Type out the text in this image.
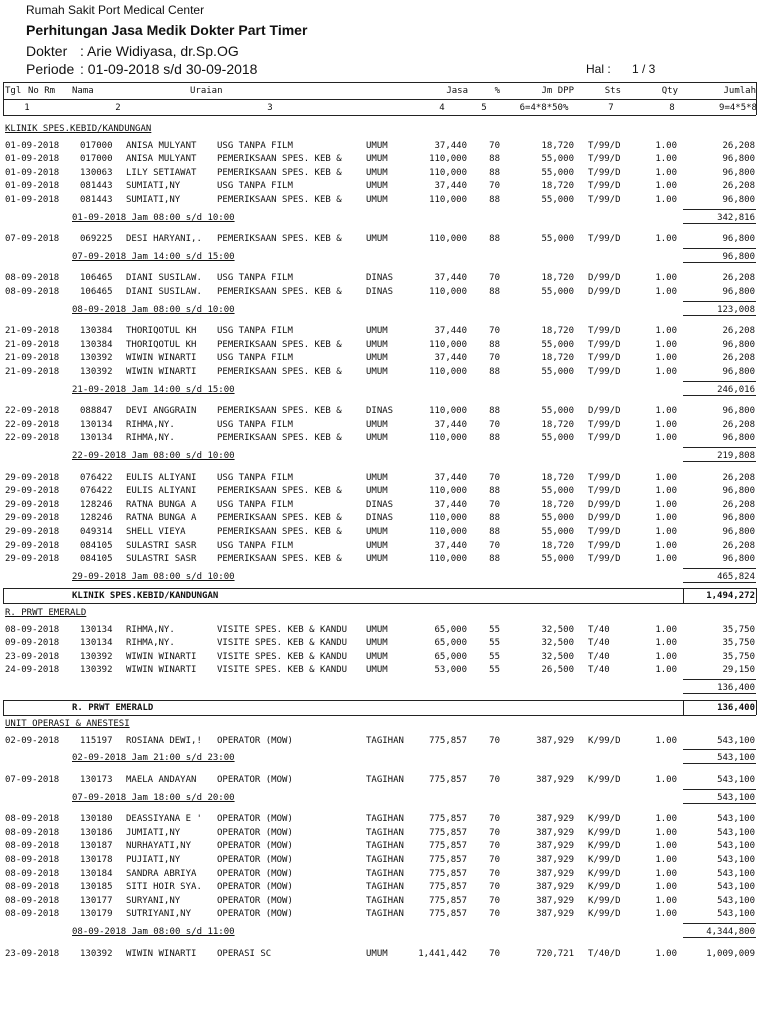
Rumah Sakit Port Medical Center
Perhitungan Jasa Medik Dokter Part Timer
Dokter : Arie Widiyasa, dr.Sp.OG
Periode : 01-09-2018 s/d 30-09-2018	Hal : 1 / 3
Tgl No Rm Nama	Uraian	Jasa	%	Jm DPP	Sts	Qty	Jumlah
1	2	3	4	5	6=4*8*50%	7	8	9=4*5*8
KLINIK SPES.KEBID/KANDUNGAN
01-09-2018	017000	ANISA MULYANT	USG TANPA FILM	UMUM	37,440	70	18,720 T/99/D	1.00	26,208
01-09-2018	017000	ANISA MULYANT	PEMERIKSAAN SPES. KEB &	UMUM	110,000	88	55,000 T/99/D	1.00	96,800
01-09-2018	130063	LILY SETIAWAT	PEMERIKSAAN SPES. KEB &	UMUM	110,000	88	55,000 T/99/D	1.00	96,800
01-09-2018	081443	SUMIATI,NY	USG TANPA FILM	UMUM	37,440	70	18,720 T/99/D	1.00	26,208
01-09-2018	081443	SUMIATI,NY	PEMERIKSAAN SPES. KEB &	UMUM	110,000	88	55,000 T/99/D	1.00	96,800
01-09-2018 Jam 08:00 s/d 10:00	342,816
07-09-2018	069225	DESI HARYANI,.	PEMERIKSAAN SPES. KEB &	UMUM	110,000	88	55,000 T/99/D	1.00	96,800
07-09-2018 Jam 14:00 s/d 15:00	96,800
08-09-2018	106465	DIANI SUSILAW.	USG TANPA FILM	DINAS	37,440	70	18,720 D/99/D	1.00	26,208
08-09-2018	106465	DIANI SUSILAW.	PEMERIKSAAN SPES. KEB &	DINAS	110,000	88	55,000 D/99/D	1.00	96,800
08-09-2018 Jam 08:00 s/d 10:00	123,008
21-09-2018	130384	THORIQOTUL KH	USG TANPA FILM	UMUM	37,440	70	18,720 T/99/D	1.00	26,208
21-09-2018	130384	THORIQOTUL KH	PEMERIKSAAN SPES. KEB &	UMUM	110,000	88	55,000 T/99/D	1.00	96,800
21-09-2018	130392	WIWIN WINARTI	USG TANPA FILM	UMUM	37,440	70	18,720 T/99/D	1.00	26,208
21-09-2018	130392	WIWIN WINARTI	PEMERIKSAAN SPES. KEB &	UMUM	110,000	88	55,000 T/99/D	1.00	96,800
21-09-2018 Jam 14:00 s/d 15:00	246,016
22-09-2018	088847	DEVI ANGGRAIN	PEMERIKSAAN SPES. KEB &	DINAS	110,000	88	55,000 D/99/D	1.00	96,800
22-09-2018	130134	RIHMA,NY.	USG TANPA FILM	UMUM	37,440	70	18,720 T/99/D	1.00	26,208
22-09-2018	130134	RIHMA,NY.	PEMERIKSAAN SPES. KEB &	UMUM	110,000	88	55,000 T/99/D	1.00	96,800
22-09-2018 Jam 08:00 s/d 10:00	219,808
29-09-2018	076422	EULIS ALIYANI	USG TANPA FILM	UMUM	37,440	70	18,720 T/99/D	1.00	26,208
29-09-2018	076422	EULIS ALIYANI	PEMERIKSAAN SPES. KEB &	UMUM	110,000	88	55,000 T/99/D	1.00	96,800
29-09-2018	128246	RATNA BUNGA A	USG TANPA FILM	DINAS	37,440	70	18,720 D/99/D	1.00	26,208
29-09-2018	128246	RATNA BUNGA A	PEMERIKSAAN SPES. KEB &	DINAS	110,000	88	55,000 D/99/D	1.00	96,800
29-09-2018	049314	SHELL VIEYA	PEMERIKSAAN SPES. KEB &	UMUM	110,000	88	55,000 T/99/D	1.00	96,800
29-09-2018	084105	SULASTRI SASR	USG TANPA FILM	UMUM	37,440	70	18,720 T/99/D	1.00	26,208
29-09-2018	084105	SULASTRI SASR	PEMERIKSAAN SPES. KEB &	UMUM	110,000	88	55,000 T/99/D	1.00	96,800
29-09-2018 Jam 08:00 s/d 10:00	465,824
KLINIK SPES.KEBID/KANDUNGAN	1,494,272
R. PRWT EMERALD
08-09-2018	130134	RIHMA,NY.	VISITE SPES. KEB & KANDU	UMUM	65,000	55	32,500 T/40	1.00	35,750
09-09-2018	130134	RIHMA,NY.	VISITE SPES. KEB & KANDU	UMUM	65,000	55	32,500 T/40	1.00	35,750
23-09-2018	130392	WIWIN WINARTI	VISITE SPES. KEB & KANDU	UMUM	65,000	55	32,500 T/40	1.00	35,750
24-09-2018	130392	WIWIN WINARTI	VISITE SPES. KEB & KANDU	UMUM	53,000	55	26,500 T/40	1.00	29,150
136,400
R. PRWT EMERALD	136,400
UNIT OPERASI & ANESTESI
02-09-2018	115197	ROSIANA DEWI,!	OPERATOR (MOW)	TAGIHAN	775,857	70	387,929 K/99/D	1.00	543,100
02-09-2018 Jam 21:00 s/d 23:00	543,100
07-09-2018	130173	MAELA ANDAYAN	OPERATOR (MOW)	TAGIHAN	775,857	70	387,929 K/99/D	1.00	543,100
07-09-2018 Jam 18:00 s/d 20:00	543,100
08-09-2018	130180	DEASSIYANA E '	OPERATOR (MOW)	TAGIHAN	775,857	70	387,929 K/99/D	1.00	543,100
08-09-2018	130186	JUMIATI,NY	OPERATOR (MOW)	TAGIHAN	775,857	70	387,929 K/99/D	1.00	543,100
08-09-2018	130187	NURHAYATI,NY	OPERATOR (MOW)	TAGIHAN	775,857	70	387,929 K/99/D	1.00	543,100
08-09-2018	130178	PUJIATI,NY	OPERATOR (MOW)	TAGIHAN	775,857	70	387,929 K/99/D	1.00	543,100
08-09-2018	130184	SANDRA ABRIYA	OPERATOR (MOW)	TAGIHAN	775,857	70	387,929 K/99/D	1.00	543,100
08-09-2018	130185	SITI HOIR SYA.	OPERATOR (MOW)	TAGIHAN	775,857	70	387,929 K/99/D	1.00	543,100
08-09-2018	130177	SURYANI,NY	OPERATOR (MOW)	TAGIHAN	775,857	70	387,929 K/99/D	1.00	543,100
08-09-2018	130179	SUTRIYANI,NY	OPERATOR (MOW)	TAGIHAN	775,857	70	387,929 K/99/D	1.00	543,100
08-09-2018 Jam 08:00 s/d 11:00	4,344,800
23-09-2018	130392	WIWIN WINARTI	OPERASI SC	UMUM	1,441,442	70	720,721 T/40/D	1.00	1,009,009
